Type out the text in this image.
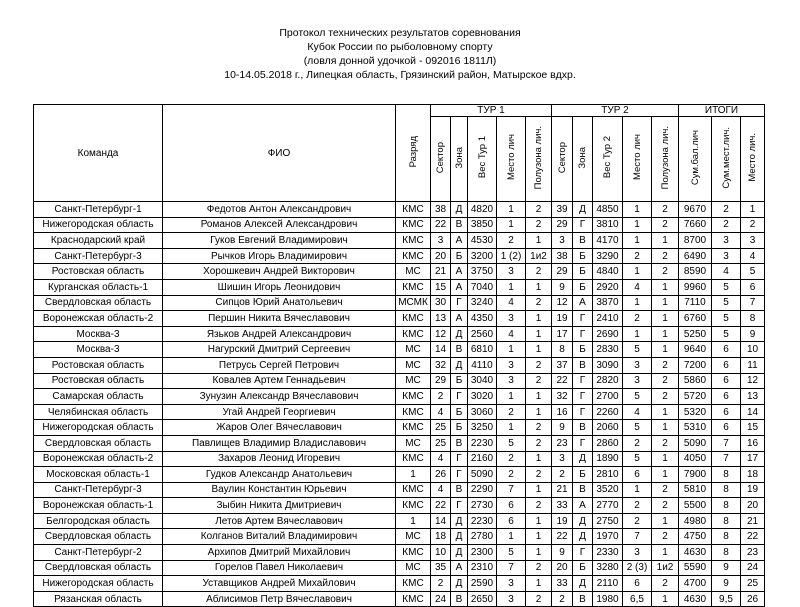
Протокол технических результатов соревнования
Кубок России по рыболовному спорту
(ловля донной удочкой - 092016 1811Л)
10-14.05.2018 г., Липецкая область, Грязинский район, Матырское вдхр.
Команда	ФИО	Разряд	ТУР 1					ТУР 2					ИТОГИ		
			Сектор	Зона	Вес Тур 1	Место лич	Полузона лич.	Сектор	Зона	Вес Тур 2	Место лич	Полузона лич.	Сум.бал.лич	Сум.мест.лич.	Место лич.
Санкт-Петербург-1	Федотов Антон Александрович	КМС	38	Д	4820	1	2	39	Д	4850	1	2	9670	2	1
Нижегородская область	Романов Алексей Александрович	КМС	22	В	3850	1	2	29	Г	3810	1	2	7660	2	2
Краснодарский край	Гуков Евгений Владимирович	КМС	3	А	4530	2	1	3	В	4170	1	1	8700	3	3
Санкт-Петербург-3	Рычков Игорь Владимирович	КМС	20	Б	3200	1 (2)	1и2	38	Б	3290	2	2	6490	3	4
Ростовская область	Хорошкевич Андрей Викторович	МС	21	А	3750	3	2	29	Б	4840	1	2	8590	4	5
Курганская область-1	Шишин Игорь Леонидович	КМС	15	А	7040	1	1	9	Б	2920	4	1	9960	5	6
Свердловская область	Сипцов Юрий Анатольевич	МСМК	30	Г	3240	4	2	12	А	3870	1	1	7110	5	7
Воронежская область-2	Першин Никита Вячеславович	КМС	13	А	4350	3	1	19	Г	2410	2	1	6760	5	8
Москва-3	Язьков Андрей Александрович	КМС	12	Д	2560	4	1	17	Г	2690	1	1	5250	5	9
Москва-3	Нагурский Дмитрий Сергеевич	МС	14	В	6810	1	1	8	Б	2830	5	1	9640	6	10
Ростовская область	Петрусь Сергей Петрович	МС	32	Д	4110	3	2	37	В	3090	3	2	7200	6	11
Ростовская область	Ковалев Артем Геннадьевич	МС	29	Б	3040	3	2	22	Г	2820	3	2	5860	6	12
Самарская область	Зунузин Александр Вячеславович	КМС	2	Г	3020	1	1	32	Г	2700	5	2	5720	6	13
Челябинская область	Угай Андрей Георгиевич	КМС	4	Б	3060	2	1	16	Г	2260	4	1	5320	6	14
Нижегородская область	Жаров Олег Вячеславович	КМС	25	Б	3250	1	2	9	В	2060	5	1	5310	6	15
Свердловская область	Павлищев Владимир Владиславович	МС	25	В	2230	5	2	23	Г	2860	2	2	5090	7	16
Воронежская область-2	Захаров Леонид Игоревич	КМС	4	Г	2160	2	1	3	Д	1890	5	1	4050	7	17
Московская область-1	Гудков Александр Анатольевич	1	26	Г	5090	2	2	2	Б	2810	6	1	7900	8	18
Санкт-Петербург-3	Ваулин Константин Юрьевич	КМС	4	В	2290	7	1	21	В	3520	1	2	5810	8	19
Воронежская область-1	Зыбин Никита Дмитриевич	КМС	22	Г	2730	6	2	33	А	2770	2	2	5500	8	20
Белгородская область	Летов Артем Вячеславович	1	14	Д	2230	6	1	19	Д	2750	2	1	4980	8	21
Свердловская область	Колганов Виталий Владимирович	МС	18	Д	2780	1	1	22	Д	1970	7	2	4750	8	22
Санкт-Петербург-2	Архипов Дмитрий Михайлович	КМС	10	Д	2300	5	1	9	Г	2330	3	1	4630	8	23
Свердловская область	Горелов Павел Николаевич	МС	35	А	2310	7	2	20	Б	3280	2 (3)	1и2	5590	9	24
Нижегородская область	Уставщиков Андрей Михайлович	КМС	2	Д	2590	3	1	33	Д	2110	6	2	4700	9	25
Рязанская область	Аблисимов Петр Вячеславович	КМС	24	В	2650	3	2	2	В	1980	6,5	1	4630	9,5	26
